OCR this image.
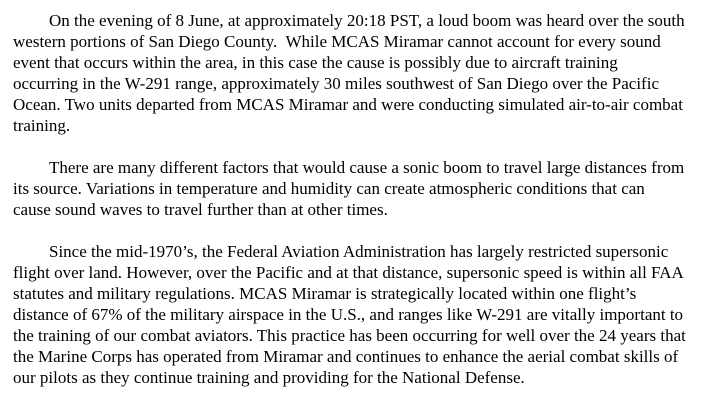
On the evening of 8 June, at approximately 20:18 PST, a loud boom was heard over the south western portions of San Diego County.  While MCAS Miramar cannot account for every sound event that occurs within the area, in this case the cause is possibly due to aircraft training occurring in the W-291 range, approximately 30 miles southwest of San Diego over the Pacific Ocean. Two units departed from MCAS Miramar and were conducting simulated air-to-air combat training.

There are many different factors that would cause a sonic boom to travel large distances from its source. Variations in temperature and humidity can create atmospheric conditions that can cause sound waves to travel further than at other times.

Since the mid-1970’s, the Federal Aviation Administration has largely restricted supersonic flight over land. However, over the Pacific and at that distance, supersonic speed is within all FAA statutes and military regulations. MCAS Miramar is strategically located within one flight’s distance of 67% of the military airspace in the U.S., and ranges like W-291 are vitally important to the training of our combat aviators. This practice has been occurring for well over the 24 years that the Marine Corps has operated from Miramar and continues to enhance the aerial combat skills of our pilots as they continue training and providing for the National Defense.
